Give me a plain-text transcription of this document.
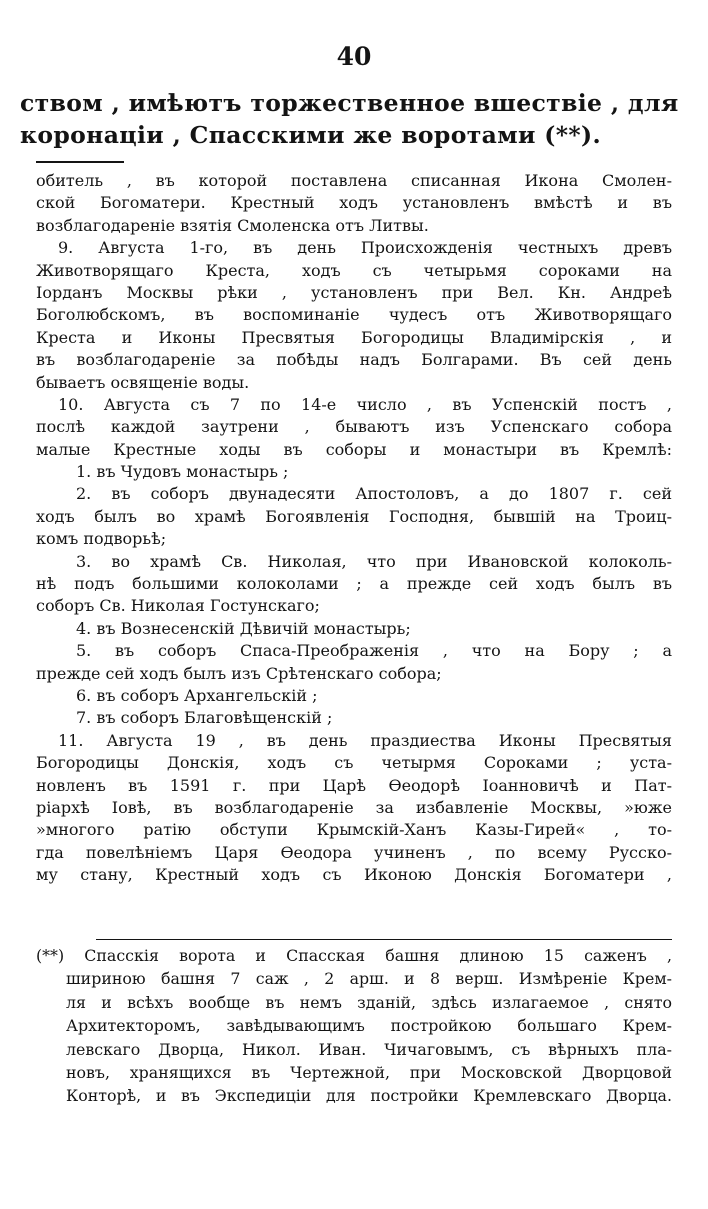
40
ством , имѣютъ торжественное вшествіе , для
коронаціи , Спасскими же воротами (**).
обитель , въ которой поставлена списанная Икона Смолен-
ской Богоматери. Крестный ходъ установленъ вмѣстѣ и въ
возблагодареніе взятія Смоленска отъ Литвы.
9. Августа 1-го, въ день Происхожденія честныхъ древъ
Животворящаго Креста, ходъ съ четырьмя сороками на
Іорданъ Москвы рѣки , установленъ при Вел. Кн. Андреѣ
Боголюбскомъ, въ воспоминаніе чудесъ отъ Животворящаго
Креста и Иконы Пресвятыя Богородицы Владимірскія , и
въ возблагодареніе за побѣды надъ Болгарами. Въ сей день
бываетъ освященіе воды.
10. Августа съ 7 по 14-е число , въ Успенскій постъ ,
послѣ каждой заутрени , бываютъ изъ Успенскаго собора
малые Крестные ходы въ соборы и монастыри въ Кремлѣ:
1. въ Чудовъ монастырь ;
2. въ соборъ двунадесяти Апостоловъ, а до 1807 г. сей
ходъ былъ во храмѣ Богоявленія Господня, бывшій на Троиц-
комъ подворьѣ;
3. во храмѣ Св. Николая, что при Ивановской колоколь-
нѣ подъ большими колоколами ; а прежде сей ходъ былъ въ
соборъ Св. Николая Гостунскаго;
4. въ Вознесенскій Дѣвичій монастырь;
5. въ соборъ Спаса-Преображенія , что на Бору ; а
прежде сей ходъ былъ изъ Срѣтенскаго собора;
6. въ соборъ Архангельскій ;
7. въ соборъ Благовѣщенскій ;
11. Августа 19 , въ день праздиества Иконы Пресвятыя
Богородицы Донскія, ходъ съ четырмя Сороками ; уста-
новленъ въ 1591 г. при Царѣ Ѳеодорѣ Іоанновичѣ и Пат-
ріархѣ Іовѣ, въ возблагодареніе за избавленіе Москвы, »юже
»многого ратію обступи Крымскій-Ханъ Казы-Гирей« , то-
гда повелѣніемъ Царя Ѳеодора учиненъ , по всему Русско-
му стану, Крестный ходъ съ Иконою Донскія Богоматери ,
(**) Спасскія ворота и Спасская башня длиною 15 саженъ ,
шириною башня 7 саж , 2 арш. и 8 верш. Измѣреніе Крем-
ля и всѣхъ вообще въ немъ зданій, здѣсь излагаемое , снято
Архитекторомъ, завѣдывающимъ постройкою большаго Крем-
левскаго Дворца, Никол. Иван. Чичаговымъ, съ вѣрныхъ пла-
новъ, хранящихся въ Чертежной, при Московской Дворцовой
Конторѣ, и въ Экспедиціи для постройки Кремлевскаго Дворца.
